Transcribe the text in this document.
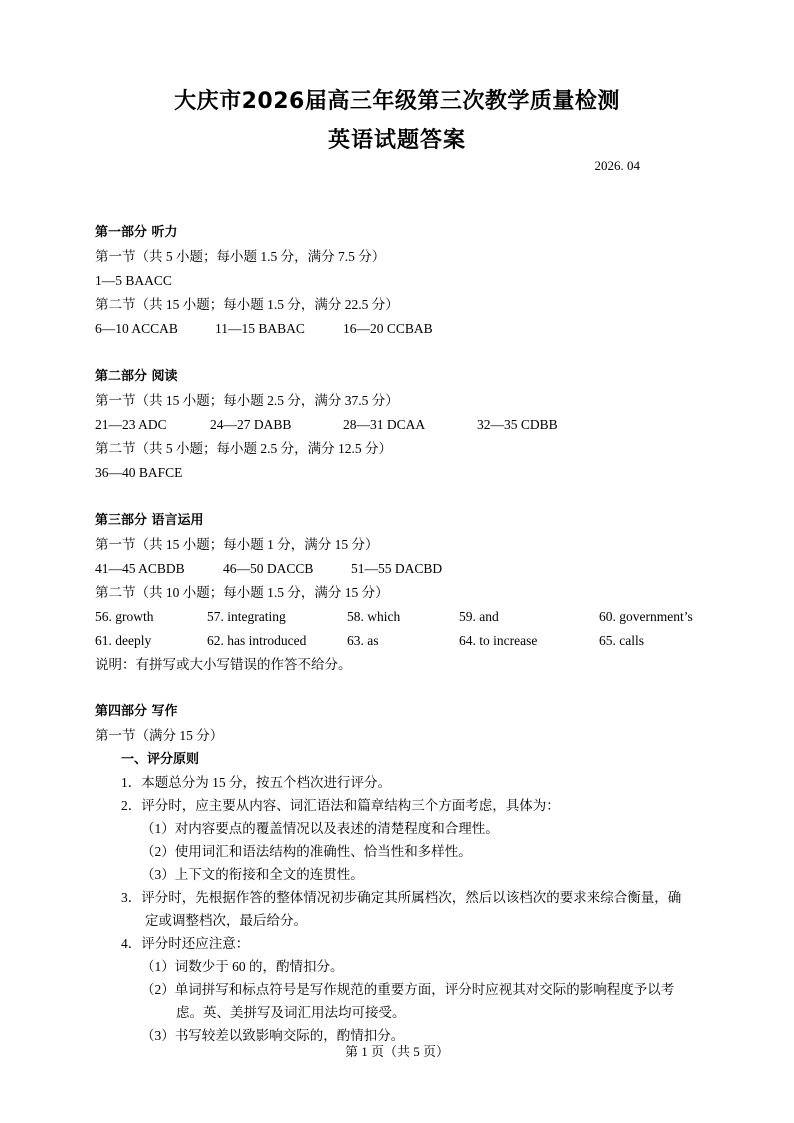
大庆市2026届高三年级第三次教学质量检测
英语试题答案
2026. 04
第一部分 听力
第一节（共 5 小题；每小题 1.5 分，满分 7.5 分）
1—5 BAACC
第二节（共 15 小题；每小题 1.5 分，满分 22.5 分）
6—10 ACCAB	11—15 BABAC	16—20 CCBAB
第二部分 阅读
第一节（共 15 小题；每小题 2.5 分，满分 37.5 分）
21—23 ADC	24—27 DABB	28—31 DCAA	32—35 CDBB
第二节（共 5 小题；每小题 2.5 分，满分 12.5 分）
36—40 BAFCE
第三部分 语言运用
第一节（共 15 小题；每小题 1 分，满分 15 分）
41—45 ACBDB	46—50 DACCB	51—55 DACBD
第二节（共 10 小题；每小题 1.5 分，满分 15 分）
56. growth	57. integrating	58. which	59. and	60. government’s
61. deeply	62. has introduced	63. as	64. to increase	65. calls
说明：有拼写或大小写错误的作答不给分。
第四部分 写作
第一节（满分 15 分）
一、评分原则
1．本题总分为 15 分，按五个档次进行评分。
2．评分时，应主要从内容、词汇语法和篇章结构三个方面考虑，具体为：
（1）对内容要点的覆盖情况以及表述的清楚程度和合理性。
（2）使用词汇和语法结构的准确性、恰当性和多样性。
（3）上下文的衔接和全文的连贯性。
3．评分时，先根据作答的整体情况初步确定其所属档次，然后以该档次的要求来综合衡量，确
定或调整档次，最后给分。
4．评分时还应注意：
（1）词数少于 60 的，酌情扣分。
（2）单词拼写和标点符号是写作规范的重要方面，评分时应视其对交际的影响程度予以考
虑。英、美拼写及词汇用法均可接受。
（3）书写较差以致影响交际的，酌情扣分。
第 1 页（共 5 页）
